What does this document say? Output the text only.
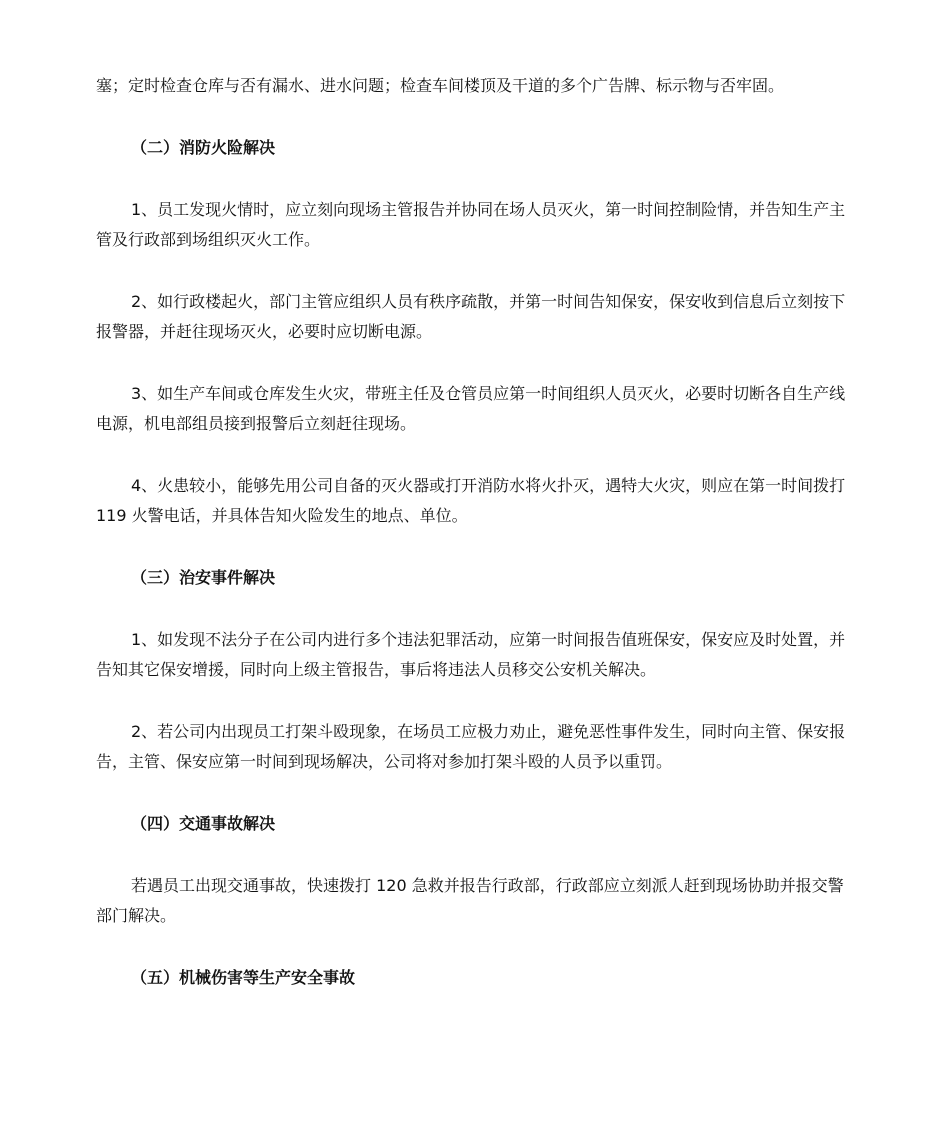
塞；定时检查仓库与否有漏水、进水问题；检查车间楼顶及干道的多个广告牌、标示物与否牢固。

（二）消防火险解决

1、员工发现火情时，应立刻向现场主管报告并协同在场人员灭火，第一时间控制险情，并告知生产主管及行政部到场组织灭火工作。

2、如行政楼起火，部门主管应组织人员有秩序疏散，并第一时间告知保安，保安收到信息后立刻按下报警器，并赶往现场灭火，必要时应切断电源。

3、如生产车间或仓库发生火灾，带班主任及仓管员应第一时间组织人员灭火，必要时切断各自生产线电源，机电部组员接到报警后立刻赶往现场。

4、火患较小，能够先用公司自备的灭火器或打开消防水将火扑灭，遇特大火灾，则应在第一时间拨打 119 火警电话，并具体告知火险发生的地点、单位。

（三）治安事件解决

1、如发现不法分子在公司内进行多个违法犯罪活动，应第一时间报告值班保安，保安应及时处置，并告知其它保安增援，同时向上级主管报告，事后将违法人员移交公安机关解决。

2、若公司内出现员工打架斗殴现象，在场员工应极力劝止，避免恶性事件发生，同时向主管、保安报告，主管、保安应第一时间到现场解决，公司将对参加打架斗殴的人员予以重罚。

（四）交通事故解决

若遇员工出现交通事故，快速拨打 120 急救并报告行政部，行政部应立刻派人赶到现场协助并报交警部门解决。

（五）机械伤害等生产安全事故
